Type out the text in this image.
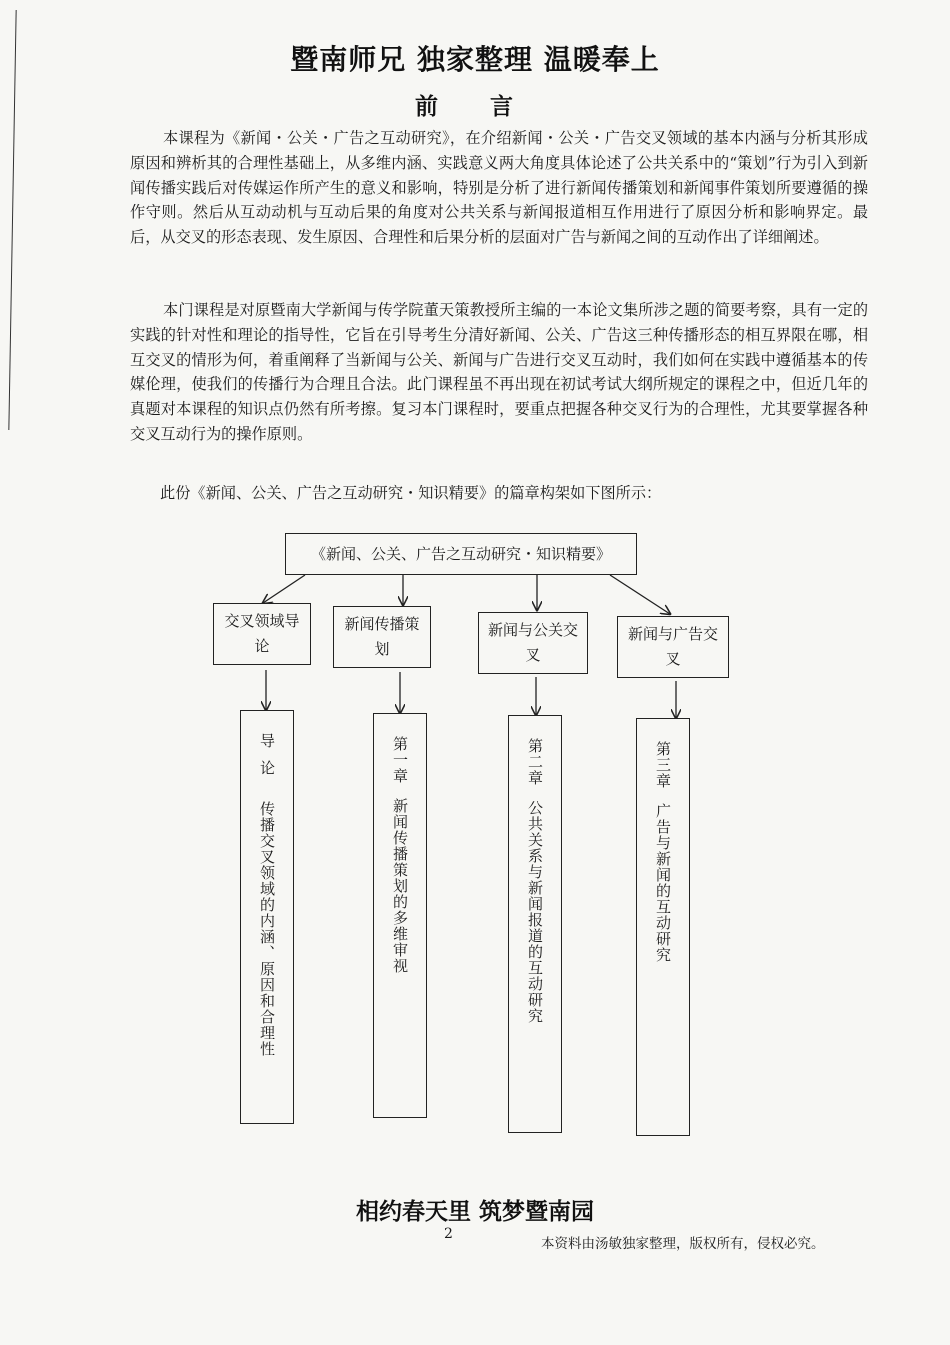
暨南师兄 独家整理 温暖奉上
前 言

本课程为《新闻・公关・广告之互动研究》，在介绍新闻・公关・广告交叉领域的基本内涵与分析其形成原因和辨析其的合理性基础上，从多维内涵、实践意义两大角度具体论述了公共关系中的“策划”行为引入到新闻传播实践后对传媒运作所产生的意义和影响，特别是分析了进行新闻传播策划和新闻事件策划所要遵循的操作守则。然后从互动动机与互动后果的角度对公共关系与新闻报道相互作用进行了原因分析和影响界定。最后，从交叉的形态表现、发生原因、合理性和后果分析的层面对广告与新闻之间的互动作出了详细阐述。

本门课程是对原暨南大学新闻与传学院董天策教授所主编的一本论文集所涉之题的简要考察，具有一定的实践的针对性和理论的指导性，它旨在引导考生分清好新闻、公关、广告这三种传播形态的相互界限在哪，相互交叉的情形为何，着重阐释了当新闻与公关、新闻与广告进行交叉互动时，我们如何在实践中遵循基本的传媒伦理，使我们的传播行为合理且合法。此门课程虽不再出现在初试考试大纲所规定的课程之中，但近几年的真题对本课程的知识点仍然有所考擦。复习本门课程时，要重点把握各种交叉行为的合理性，尤其要掌握各种交叉互动行为的操作原则。

此份《新闻、公关、广告之互动研究・知识精要》的篇章构架如下图所示：

《新闻、公关、广告之互动研究・知识精要》
交叉领域导论
新闻传播策划
新闻与公关交叉
新闻与广告交叉
导论
传播交叉领域的内涵、原因和合理性
第一章
新闻传播策划的多维审视
第二章
公共关系与新闻报道的互动研究
第三章
广告与新闻的互动研究
相约春天里 筑梦暨南园
2
本资料由汤敏独家整理，版权所有，侵权必究。
